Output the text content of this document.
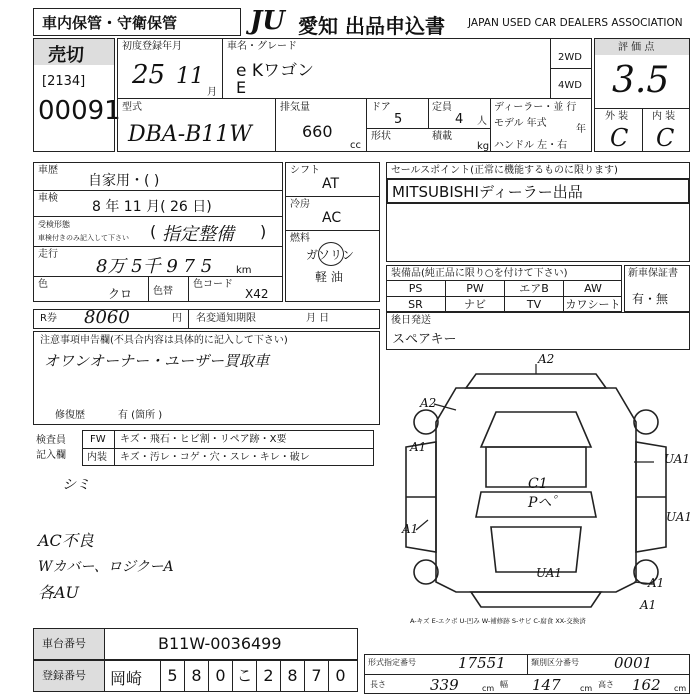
車内保管・守衛保管	JU 愛知 出品申込書 JAPAN USED CAR DEALERS ASSOCIATION
売切
[2134]
00091
初度登録年月
25 11
月
車名・グレード
e Kワゴン
E
2WD
4WD
型式
DBA-B11W
排気量
660
cc
ドア
5
定員
4 人
形状	積載
kg
ディーラー・並 行
モデル 年式
年
ハンドル 左・右
評 価 点
3.5
外 装 内 装
C C
車歴
自家用・( )
車検
8 年 11 月( 26 日)
受検形態
車検付きのみ記入して下さい ( 指定整備 )
走行
8万 5千 9 7 5 km
色
クロ 色替
色コード
X42
シフト
AT
冷房
AC
燃料
ガソリン
軽 油
セールスポイント(正常に機能するものに限ります)
MITSUBISHIディーラー出品
装備品(純正品に限り○を付けて下さい)
PS	PW	エアB	AW
SR	ナビ	TV	カワシート
新車保証書
有・無
R券 8060	円 名変通知期限	月 日	後日発送
スペアキー
注意事項申告欄(不具合内容は具体的に記入して下さい)
オワンオーナー・ユーザー買取車
修復歴	有 (箇所 )
検査員
記入欄
FW キズ・飛石・ヒビ割・リペア跡・X要
内装 キズ・汚レ・コゲ・穴・スレ・キレ・破レ
シミ
AC不良
Wカバー、ロジクーA
各AU
C1
Pヘ゜
A2
A2
A1
UA1
UA1
A1
UA1
A1
A1
A-キズ E-エクボ U-凹み W-補修跡 S-サビ C-腐食 XX-交換済
車台番号	B11W-0036499
登録番号 岡崎	5 8 0 こ 2 8 7 0
形式指定番号	17551	類別区分番号 0001
長さ	339	cm 幅 147 cm 高さ 162 cm
